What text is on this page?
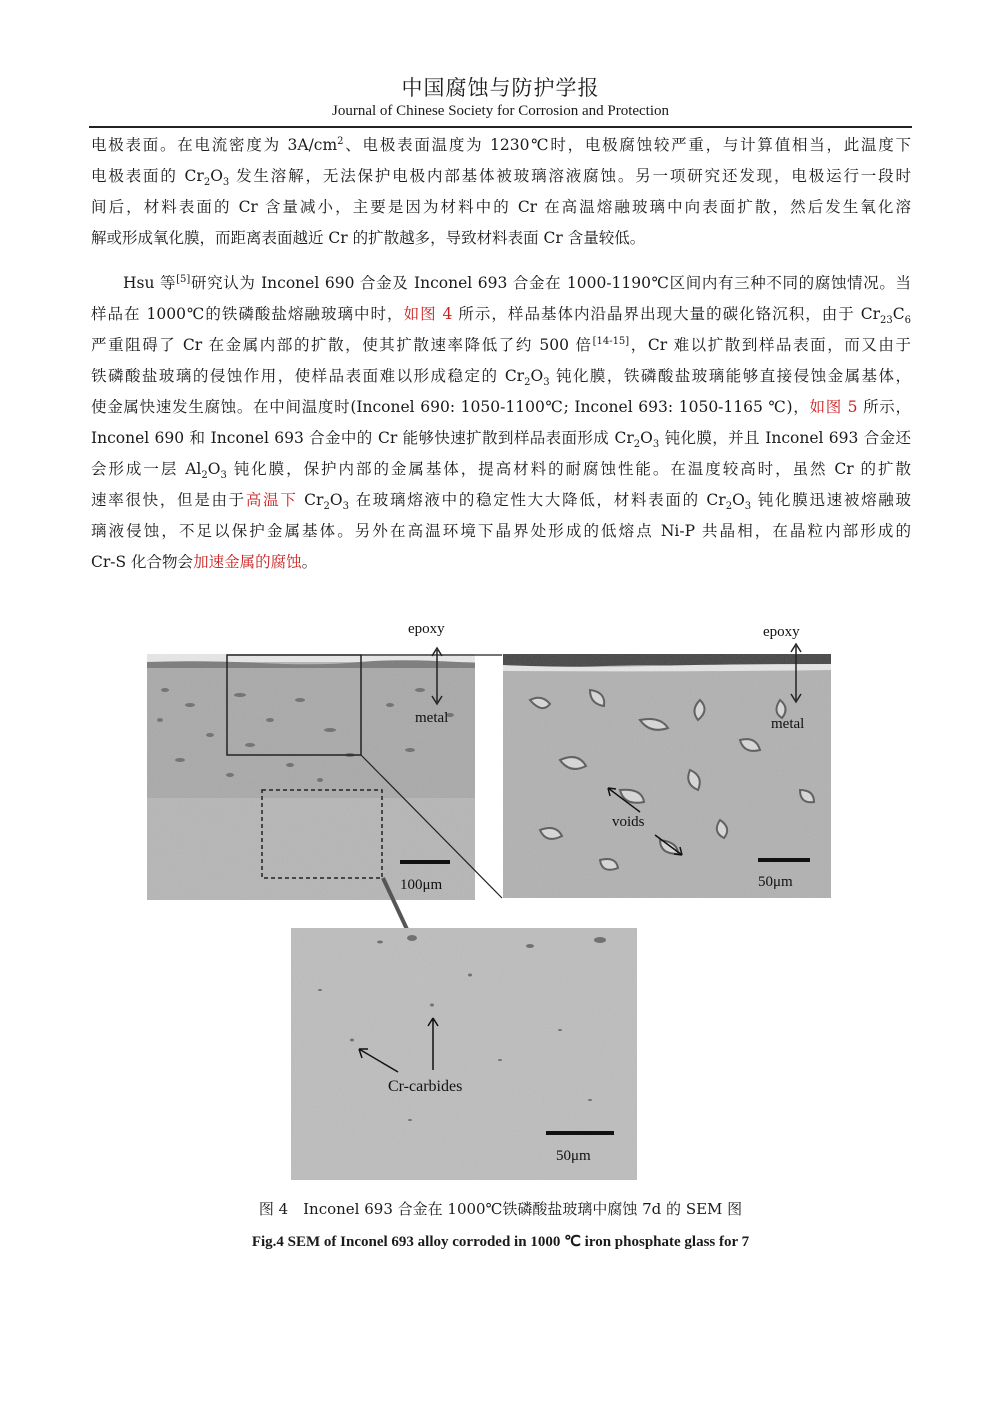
中国腐蚀与防护学报
Journal of Chinese Society for Corrosion and Protection
电极表面。在电流密度为 $3A/cm^2$、电极表面温度为 1230℃时，电极腐蚀较严重，与计算值相当，此温度下
电极表面的 $Cr_2O_3$ 发生溶解，无法保护电极内部基体被玻璃溶液腐蚀。另一项研究还发现，电极运行一段时
间后，材料表面的 Cr 含量减小，主要是因为材料中的 Cr 在高温熔融玻璃中向表面扩散，然后发生氧化溶
解或形成氧化膜，而距离表面越近 Cr 的扩散越多，导致材料表面 Cr 含量较低。
Hsu 等[5]研究认为 Inconel 690 合金及 Inconel 693 合金在 1000-1190℃区间内有三种不同的腐蚀情况。当
样品在 1000℃的铁磷酸盐熔融玻璃中时，如图 4 所示，样品基体内沿晶界出现大量的碳化铬沉积，由于 $Cr_{23}C_6$
严重阻碍了 Cr 在金属内部的扩散，使其扩散速率降低了约 500 倍[14-15]，Cr 难以扩散到样品表面，而又由于
铁磷酸盐玻璃的侵蚀作用，使样品表面难以形成稳定的 $Cr_2O_3$ 钝化膜，铁磷酸盐玻璃能够直接侵蚀金属基体，
使金属快速发生腐蚀。在中间温度时(Inconel 690: 1050-1100℃; Inconel 693: 1050-1165 ℃)，如图 5 所示，
Inconel 690 和 Inconel 693 合金中的 Cr 能够快速扩散到样品表面形成 $Cr_2O_3$ 钝化膜，并且 Inconel 693 合金还
会形成一层 $Al_2O_3$ 钝化膜，保护内部的金属基体，提高材料的耐腐蚀性能。在温度较高时，虽然 Cr 的扩散
速率很快，但是由于高温下 $Cr_2O_3$ 在玻璃熔液中的稳定性大大降低，材料表面的 $Cr_2O_3$ 钝化膜迅速被熔融玻
璃液侵蚀，不足以保护金属基体。另外在高温环境下晶界处形成的低熔点 Ni-P 共晶相，在晶粒内部形成的
Cr-S 化合物会加速金属的腐蚀。
epoxy
metal
100μm
epoxy
metal
voids
50μm
Cr-carbides
50μm
图 4　Inconel 693 合金在 1000℃铁磷酸盐玻璃中腐蚀 7d 的 SEM 图
Fig.4 SEM of Inconel 693 alloy corroded in 1000 ℃ iron phosphate glass for 7
